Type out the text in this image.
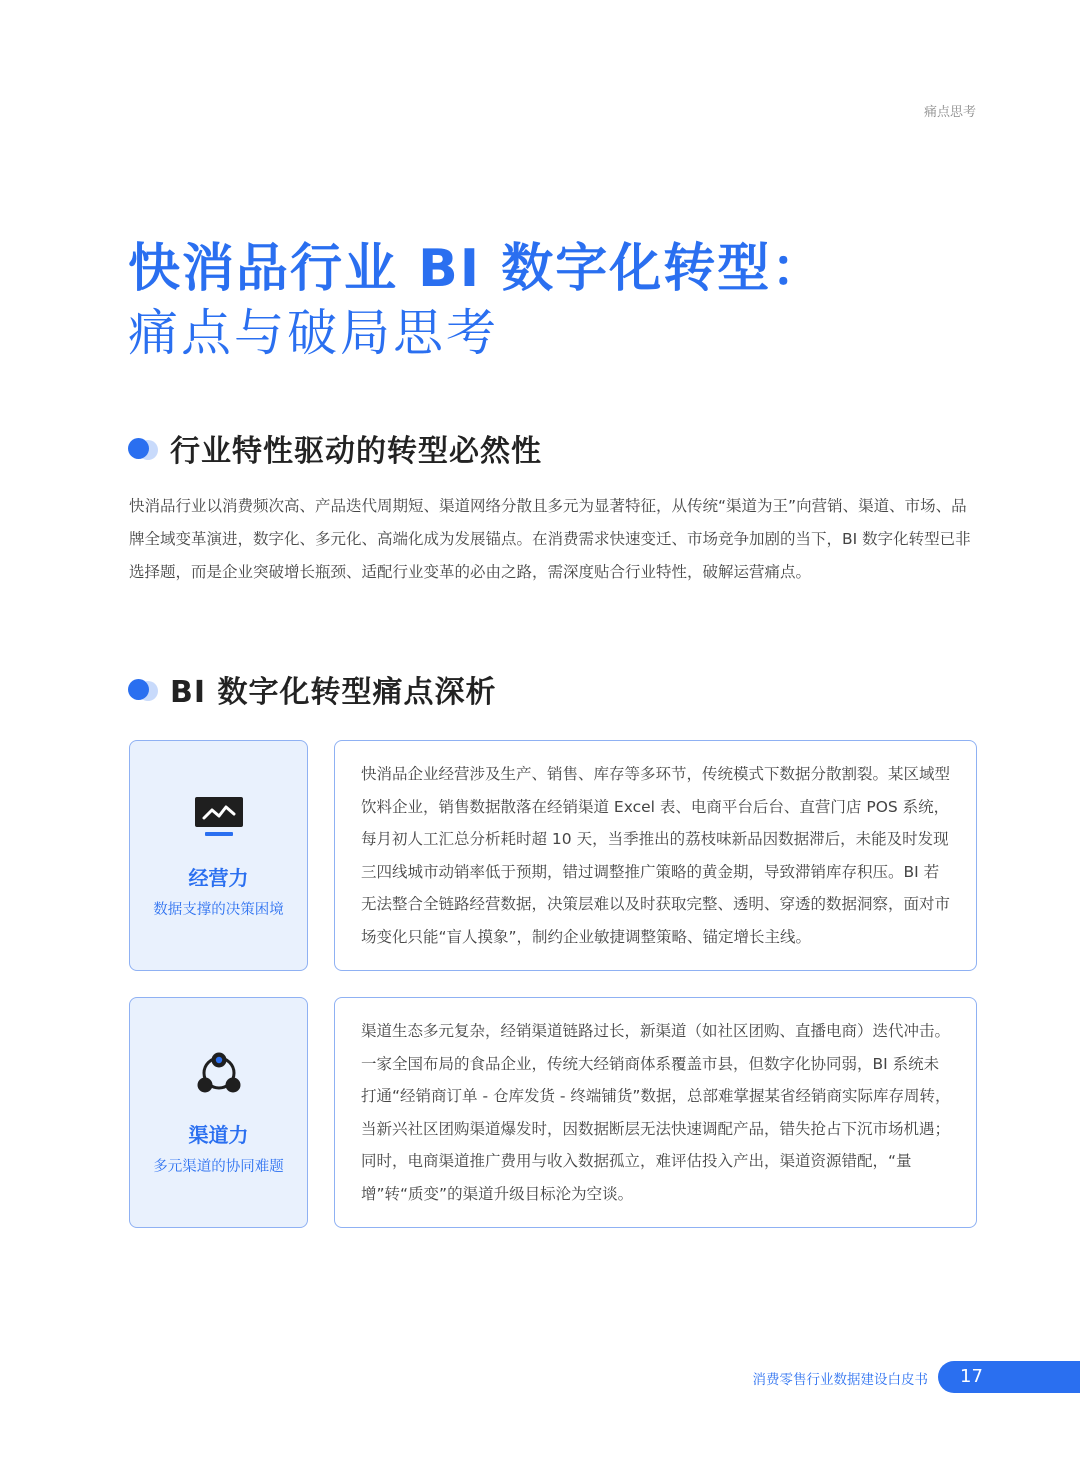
痛点思考
快消品行业 BI 数字化转型：
痛点与破局思考
行业特性驱动的转型必然性
快消品行业以消费频次高、产品迭代周期短、渠道网络分散且多元为显著特征，从传统“渠道为王”向营销、渠道、市场、品牌全域变革演进，数字化、多元化、高端化成为发展锚点。在消费需求快速变迁、市场竞争加剧的当下，BI 数字化转型已非选择题，而是企业突破增长瓶颈、适配行业变革的必由之路，需深度贴合行业特性，破解运营痛点。
BI 数字化转型痛点深析
经营力
数据支撑的决策困境
快消品企业经营涉及生产、销售、库存等多环节，传统模式下数据分散割裂。某区域型饮料企业，销售数据散落在经销渠道 Excel 表、电商平台后台、直营门店 POS 系统，每月初人工汇总分析耗时超 10 天，当季推出的荔枝味新品因数据滞后，未能及时发现三四线城市动销率低于预期，错过调整推广策略的黄金期，导致滞销库存积压。BI 若无法整合全链路经营数据，决策层难以及时获取完整、透明、穿透的数据洞察，面对市场变化只能“盲人摸象”，制约企业敏捷调整策略、锚定增长主线。
渠道力
多元渠道的协同难题
渠道生态多元复杂，经销渠道链路过长，新渠道（如社区团购、直播电商）迭代冲击。一家全国布局的食品企业，传统大经销商体系覆盖市县，但数字化协同弱，BI 系统未打通“经销商订单 - 仓库发货 - 终端铺货”数据，总部难掌握某省经销商实际库存周转，当新兴社区团购渠道爆发时，因数据断层无法快速调配产品，错失抢占下沉市场机遇；同时，电商渠道推广费用与收入数据孤立，难评估投入产出，渠道资源错配，“量增”转“质变”的渠道升级目标沦为空谈。
消费零售行业数据建设白皮书 17
